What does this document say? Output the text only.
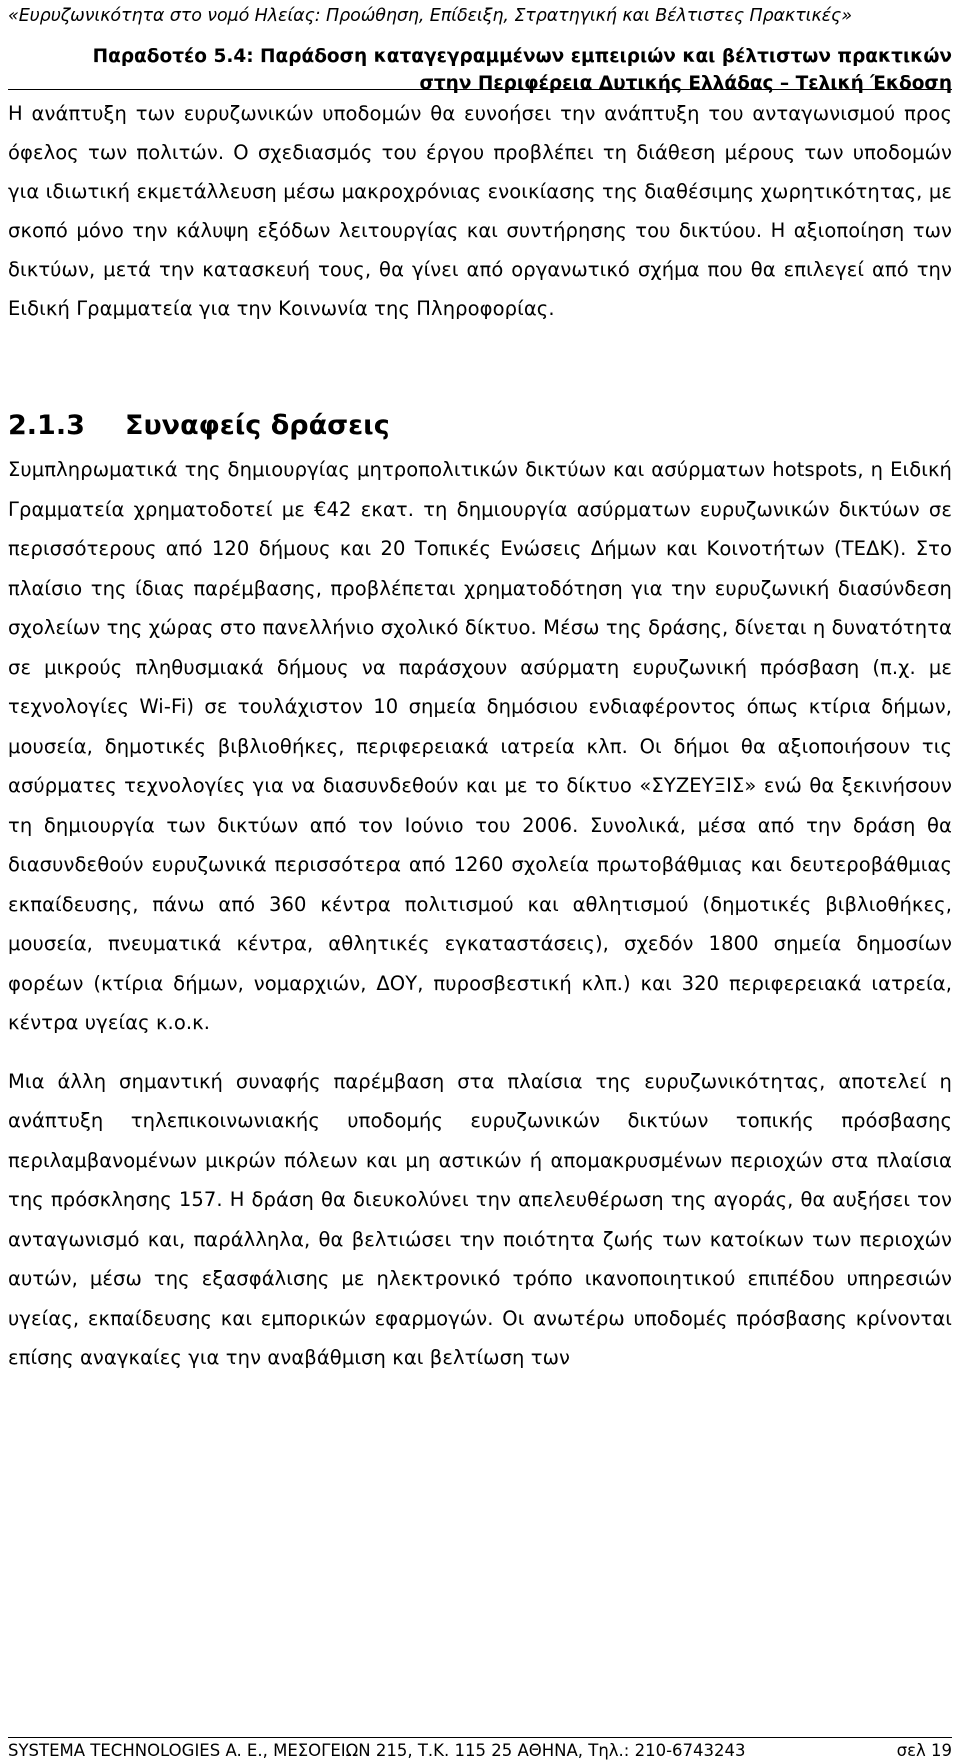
«Ευρυζωνικότητα στο νομό Ηλείας: Προώθηση, Επίδειξη, Στρατηγική και Βέλτιστες Πρακτικές»
Παραδοτέο 5.4: Παράδοση καταγεγραμμένων εμπειριών και βέλτιστων πρακτικών
στην Περιφέρεια Δυτικής Ελλάδας – Τελική Έκδοση

Η ανάπτυξη των ευρυζωνικών υποδομών θα ευνοήσει την ανάπτυξη του ανταγωνισμού προς όφελος των πολιτών. Ο σχεδιασμός του έργου προβλέπει τη διάθεση μέρους των υποδομών για ιδιωτική εκμετάλλευση μέσω μακροχρόνιας ενοικίασης της διαθέσιμης χωρητικότητας, με σκοπό μόνο την κάλυψη εξόδων λειτουργίας και συντήρησης του δικτύου. Η αξιοποίηση των δικτύων, μετά την κατασκευή τους, θα γίνει από οργανωτικό σχήμα που θα επιλεγεί από την Ειδική Γραμματεία για την Κοινωνία της Πληροφορίας.

2.1.3 Συναφείς δράσεις

Συμπληρωματικά της δημιουργίας μητροπολιτικών δικτύων και ασύρματων hotspots, η Ειδική Γραμματεία χρηματοδοτεί με €42 εκατ. τη δημιουργία ασύρματων ευρυζωνικών δικτύων σε περισσότερους από 120 δήμους και 20 Τοπικές Ενώσεις Δήμων και Κοινοτήτων (ΤΕΔΚ). Στο πλαίσιο της ίδιας παρέμβασης, προβλέπεται χρηματοδότηση για την ευρυζωνική διασύνδεση σχολείων της χώρας στο πανελλήνιο σχολικό δίκτυο. Μέσω της δράσης, δίνεται η δυνατότητα σε μικρούς πληθυσμιακά δήμους να παράσχουν ασύρματη ευρυζωνική πρόσβαση (π.χ. με τεχνολογίες Wi-Fi) σε τουλάχιστον 10 σημεία δημόσιου ενδιαφέροντος όπως κτίρια δήμων, μουσεία, δημοτικές βιβλιοθήκες, περιφερειακά ιατρεία κλπ. Οι δήμοι θα αξιοποιήσουν τις ασύρματες τεχνολογίες για να διασυνδεθούν και με το δίκτυο «ΣΥΖΕΥΞΙΣ» ενώ θα ξεκινήσουν τη δημιουργία των δικτύων από τον Ιούνιο του 2006. Συνολικά, μέσα από την δράση θα διασυνδεθούν ευρυζωνικά περισσότερα από 1260 σχολεία πρωτοβάθμιας και δευτεροβάθμιας εκπαίδευσης, πάνω από 360 κέντρα πολιτισμού και αθλητισμού (δημοτικές βιβλιοθήκες, μουσεία, πνευματικά κέντρα, αθλητικές εγκαταστάσεις), σχεδόν 1800 σημεία δημοσίων φορέων (κτίρια δήμων, νομαρχιών, ΔΟΥ, πυροσβεστική κλπ.) και 320 περιφερειακά ιατρεία, κέντρα υγείας κ.ο.κ.

Μια άλλη σημαντική συναφής παρέμβαση στα πλαίσια της ευρυζωνικότητας, αποτελεί η ανάπτυξη τηλεπικοινωνιακής υποδομής ευρυζωνικών δικτύων τοπικής πρόσβασης περιλαμβανομένων μικρών πόλεων και μη αστικών ή απομακρυσμένων περιοχών στα πλαίσια της πρόσκλησης 157. Η δράση θα διευκολύνει την απελευθέρωση της αγοράς, θα αυξήσει τον ανταγωνισμό και, παράλληλα, θα βελτιώσει την ποιότητα ζωής των κατοίκων των περιοχών αυτών, μέσω της εξασφάλισης με ηλεκτρονικό τρόπο ικανοποιητικού επιπέδου υπηρεσιών υγείας, εκπαίδευσης και εμπορικών εφαρμογών. Οι ανωτέρω υποδομές πρόσβασης κρίνονται επίσης αναγκαίες για την αναβάθμιση και βελτίωση των

SYSTEMA TECHNOLOGIES A. E., ΜΕΣΟΓΕΙΩΝ 215, Τ.Κ. 115 25 ΑΘΗΝΑ, Τηλ.: 210-6743243	σελ 19
